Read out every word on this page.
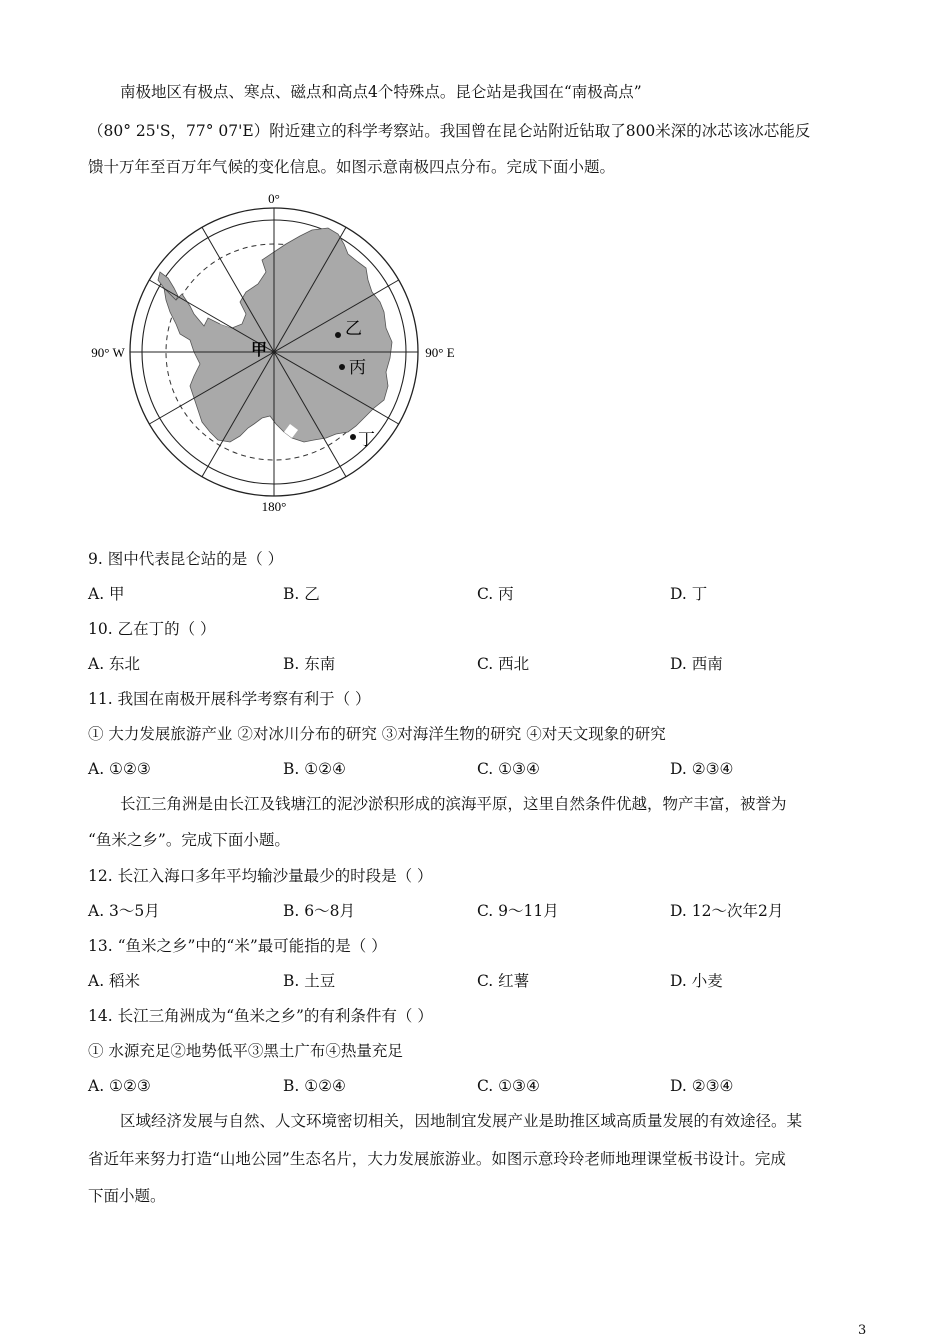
南极地区有极点、寒点、磁点和高点4个特殊点。昆仑站是我国在“南极高点”
（80° 25'S，77° 07'E）附近建立的科学考察站。我国曾在昆仑站附近钻取了800米深的冰芯该冰芯能反
馈十万年至百万年气候的变化信息。如图示意南极四点分布。完成下面小题。
0°
180°
90° W	90° E
甲
乙
丙
丁
9. 图中代表昆仑站的是（ ）
A. 甲	B. 乙	C. 丙	D. 丁
10. 乙在丁的（ ）
A. 东北	B. 东南	C. 西北	D. 西南
11. 我国在南极开展科学考察有利于（ ）
① 大力发展旅游产业 ②对冰川分布的研究 ③对海洋生物的研究 ④对天文现象的研究
A. ①②③	B. ①②④	C. ①③④	D. ②③④
长江三角洲是由长江及钱塘江的泥沙淤积形成的滨海平原，这里自然条件优越，物产丰富，被誉为
“鱼米之乡”。完成下面小题。
12. 长江入海口多年平均输沙量最少的时段是（ ）
A. 3～5月	B. 6～8月	C. 9～11月	D. 12～次年2月
13. “鱼米之乡”中的“米”最可能指的是（ ）
A. 稻米	B. 土豆	C. 红薯	D. 小麦
14. 长江三角洲成为“鱼米之乡”的有利条件有（ ）
① 水源充足②地势低平③黑土广布④热量充足
A. ①②③	B. ①②④	C. ①③④	D. ②③④
区域经济发展与自然、人文环境密切相关，因地制宜发展产业是助推区域高质量发展的有效途径。某
省近年来努力打造“山地公园”生态名片，大力发展旅游业。如图示意玲玲老师地理课堂板书设计。完成
下面小题。
3
